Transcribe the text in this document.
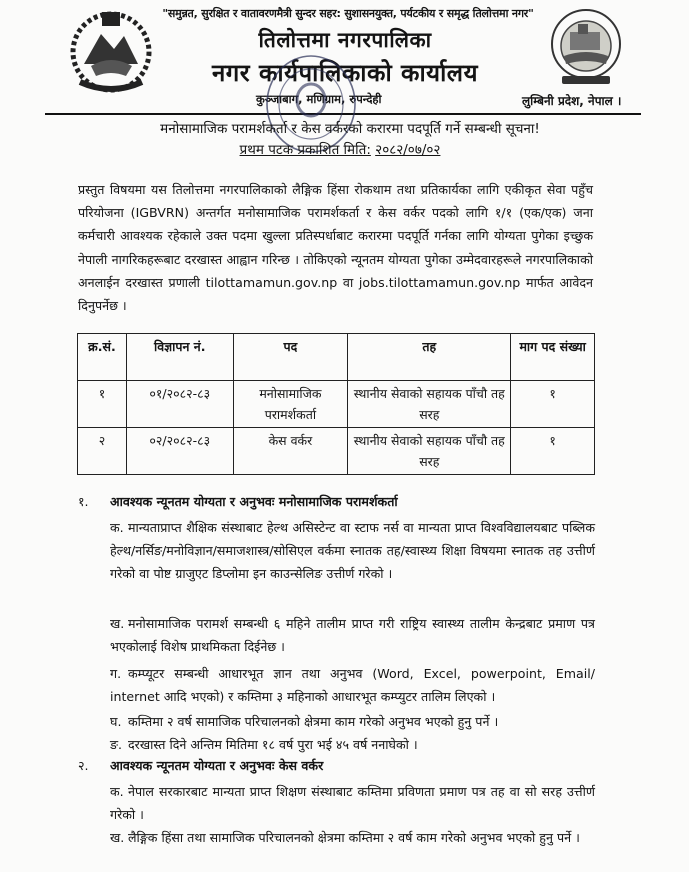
"समुन्नत, सुरक्षित र वातावरणमैत्री सुन्दर सहर: सुशासनयुक्त, पर्यटकीय र समृद्ध तिलोत्तमा नगर"
तिलोत्तमा नगरपालिका
नगर कार्यपालिकाको कार्यालय
कुञ्जाबाग, मणिग्राम, रुपन्देही	लुम्बिनी प्रदेश, नेपाल ।
मनोसामाजिक परामर्शकर्ता र केस वर्करको करारमा पदपूर्ति गर्ने सम्बन्धी सूचना!
प्रथम पटक प्रकाशित मिति: २०८२/०७/०२
प्रस्तुत विषयमा यस तिलोत्तमा नगरपालिकाको लैङ्गिक हिंसा रोकथाम तथा प्रतिकार्यका लागि एकीकृत सेवा पहुँच परियोजना (IGBVRN) अन्तर्गत मनोसामाजिक परामर्शकर्ता र केस वर्कर पदको लागि १/१ (एक/एक) जना कर्मचारी आवश्यक रहेकाले उक्त पदमा खुल्ला प्रतिस्पर्धाबाट करारमा पदपूर्ति गर्नका लागि योग्यता पुगेका इच्छुक नेपाली नागरिकहरूबाट दरखास्त आह्वान गरिन्छ । तोकिएको न्यूनतम योग्यता पुगेका उम्मेदवारहरूले नगरपालिकाको अनलाईन दरखास्त प्रणाली tilottamamun.gov.np वा jobs.tilottamamun.gov.np मार्फत आवेदन दिनुपर्नेछ ।
क्र.सं.	विज्ञापन नं.	पद	तह	माग पद संख्या
१	०१/२०८२-८३	मनोसामाजिक परामर्शकर्ता	स्थानीय सेवाको सहायक पाँचौ तह सरह	१
२	०२/२०८२-८३	केस वर्कर	स्थानीय सेवाको सहायक पाँचौ तह सरह	१
१. आवश्यक न्यूनतम योग्यता र अनुभवः मनोसामाजिक परामर्शकर्ता
क. मान्यताप्राप्त शैक्षिक संस्थाबाट हेल्थ असिस्टेन्ट वा स्टाफ नर्स वा मान्यता प्राप्त विश्वविद्यालयबाट पब्लिक हेल्थ/नर्सिङ/मनोविज्ञान/समाजशास्त्र/सोसिएल वर्कमा स्नातक तह/स्वास्थ्य शिक्षा विषयमा स्नातक तह उत्तीर्ण गरेको वा पोष्ट ग्राजुएट डिप्लोमा इन काउन्सेलिङ उत्तीर्ण गरेको ।
ख. मनोसामाजिक परामर्श सम्बन्धी ६ महिने तालीम प्राप्त गरी राष्ट्रिय स्वास्थ्य तालीम केन्द्रबाट प्रमाण पत्र भएकोलाई विशेष प्राथमिकता दिईनेछ ।
ग. कम्प्यूटर सम्बन्धी आधारभूत ज्ञान तथा अनुभव (Word, Excel, powerpoint, Email/ internet आदि भएको) र कम्तिमा ३ महिनाको आधारभूत कम्प्युटर तालिम लिएको ।
घ. कम्तिमा २ वर्ष सामाजिक परिचालनको क्षेत्रमा काम गरेको अनुभव भएको हुनु पर्ने ।
ङ. दरखास्त दिने अन्तिम मितिमा १८ वर्ष पुरा भई ४५ वर्ष ननाघेको ।
२. आवश्यक न्यूनतम योग्यता र अनुभवः केस वर्कर
क. नेपाल सरकारबाट मान्यता प्राप्त शिक्षण संस्थाबाट कम्तिमा प्रविणता प्रमाण पत्र तह वा सो सरह उत्तीर्ण गरेको ।
ख. लैङ्गिक हिंसा तथा सामाजिक परिचालनको क्षेत्रमा कम्तिमा २ वर्ष काम गरेको अनुभव भएको हुनु पर्ने ।
